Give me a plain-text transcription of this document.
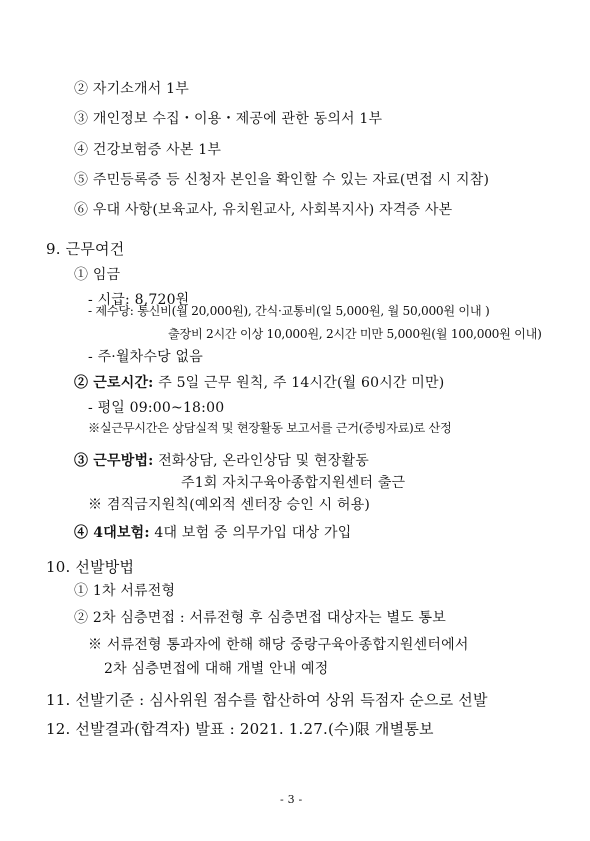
② 자기소개서 1부
③ 개인정보 수집・이용・제공에 관한 동의서 1부
④ 건강보험증 사본 1부
⑤ 주민등록증 등 신청자 본인을 확인할 수 있는 자료(면접 시 지참)
⑥ 우대 사항(보육교사, 유치원교사, 사회복지사) 자격증 사본
9. 근무여건
① 임금
- 시급: 8,720원
- 제수당: 통신비(월 20,000원), 간식·교통비(일 5,000원, 월 50,000원 이내 )
출장비 2시간 이상 10,000원, 2시간 미만 5,000원(월 100,000원 이내)
- 주·월차수당 없음
② 근로시간: 주 5일 근무 원칙, 주 14시간(월 60시간 미만)
- 평일 09:00~18:00
※실근무시간은 상담실적 및 현장활동 보고서를 근거(증빙자료)로 산정
③ 근무방법: 전화상담, 온라인상담 및 현장활동
주1회 자치구육아종합지원센터 출근
※ 겸직금지원칙(예외적 센터장 승인 시 허용)
④ 4대보험: 4대 보험 중 의무가입 대상 가입
10. 선발방법
① 1차 서류전형
② 2차 심층면접 : 서류전형 후 심층면접 대상자는 별도 통보
※ 서류전형 통과자에 한해 해당 중랑구육아종합지원센터에서
2차 심층면접에 대해 개별 안내 예정
11. 선발기준 : 심사위원 점수를 합산하여 상위 득점자 순으로 선발
12. 선발결과(합격자) 발표 : 2021. 1.27.(수)限 개별통보
- 3 -
